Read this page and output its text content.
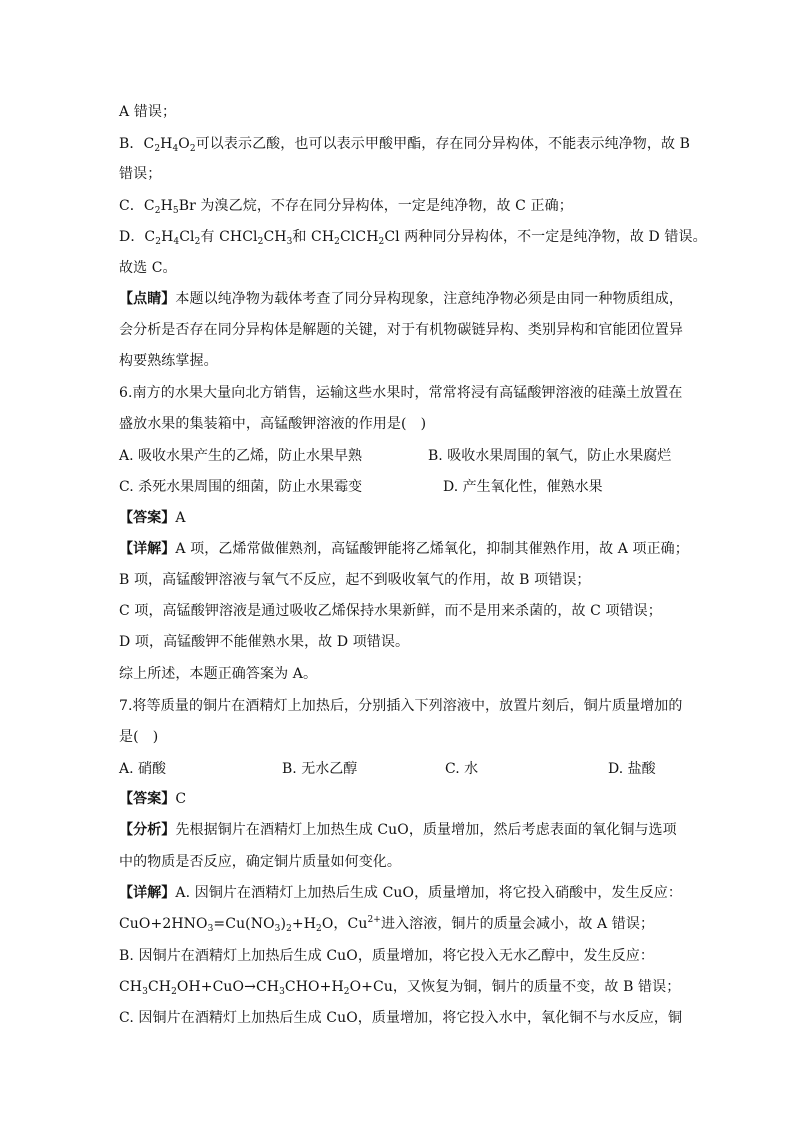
A 错误；
B．$C_2H_4O_2$可以表示乙酸，也可以表示甲酸甲酯，存在同分异构体，不能表示纯净物，故 B
错误；
C．$C_2H_5Br$ 为溴乙烷，不存在同分异构体，一定是纯净物，故 C 正确；
D．$C_2H_4Cl_2$有 $CHCl_2CH_3$和 $CH_2ClCH_2Cl$ 两种同分异构体，不一定是纯净物，故 D 错误。
故选 C。
【点睛】本题以纯净物为载体考查了同分异构现象，注意纯净物必须是由同一种物质组成，
会分析是否存在同分异构体是解题的关键，对于有机物碳链异构、类别异构和官能团位置异
构要熟练掌握。
6.南方的水果大量向北方销售，运输这些水果时，常常将浸有高锰酸钾溶液的硅藻土放置在
盛放水果的集装箱中，高锰酸钾溶液的作用是(　)
A. 吸收水果产生的乙烯，防止水果早熟	B. 吸收水果周围的氧气，防止水果腐烂
C. 杀死水果周围的细菌，防止水果霉变	D. 产生氧化性，催熟水果
【答案】A
【详解】A 项，乙烯常做催熟剂，高锰酸钾能将乙烯氧化，抑制其催熟作用，故 A 项正确；
B 项，高锰酸钾溶液与氧气不反应，起不到吸收氧气的作用，故 B 项错误；
C 项，高锰酸钾溶液是通过吸收乙烯保持水果新鲜，而不是用来杀菌的，故 C 项错误；
D 项，高锰酸钾不能催熟水果，故 D 项错误。
综上所述，本题正确答案为 A。
7.将等质量的铜片在酒精灯上加热后，分别插入下列溶液中，放置片刻后，铜片质量增加的
是(　)
A. 硝酸	B. 无水乙醇	C. 水	D. 盐酸
【答案】C
【分析】先根据铜片在酒精灯上加热生成 CuO，质量增加，然后考虑表面的氧化铜与选项
中的物质是否反应，确定铜片质量如何变化。
【详解】A. 因铜片在酒精灯上加热后生成 CuO，质量增加，将它投入硝酸中，发生反应：
$CuO+2HNO_3=Cu(NO_3)_2+H_2O$，$Cu^{2+}$进入溶液，铜片的质量会减小，故 A 错误；
B. 因铜片在酒精灯上加热后生成 CuO，质量增加，将它投入无水乙醇中，发生反应：
$CH_3CH_2OH+CuO\to CH_3CHO+H_2O+Cu$，又恢复为铜，铜片的质量不变，故 B 错误；
C. 因铜片在酒精灯上加热后生成 CuO，质量增加，将它投入水中，氧化铜不与水反应，铜
